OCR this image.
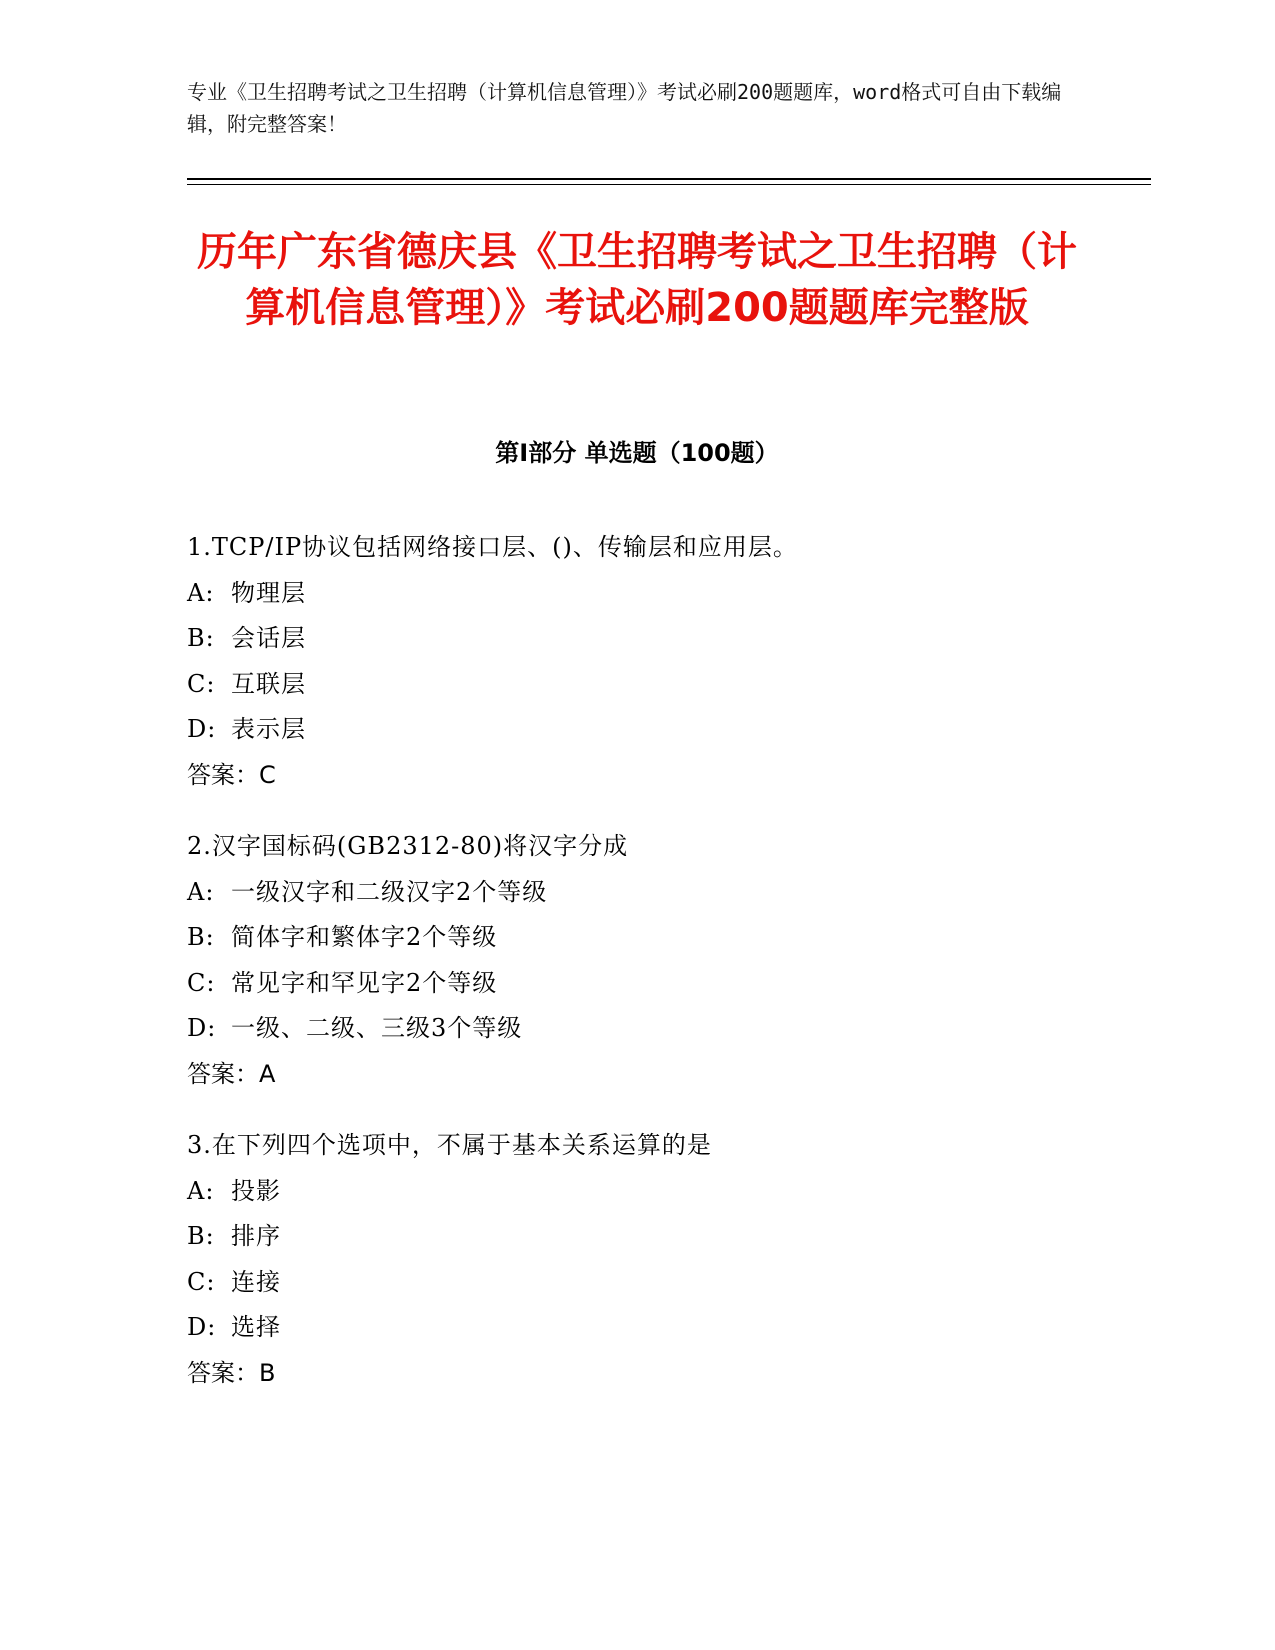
专业《卫生招聘考试之卫生招聘（计算机信息管理）》考试必刷200题题库，word格式可自由下载编辑，附完整答案！
历年广东省德庆县《卫生招聘考试之卫生招聘（计算机信息管理）》考试必刷200题题库完整版
第I部分 单选题（100题）
1.TCP/IP协议包括网络接口层、()、传输层和应用层。
A: 物理层
B: 会话层
C: 互联层
D: 表示层
答案：C
2.汉字国标码(GB2312-80)将汉字分成
A: 一级汉字和二级汉字2个等级
B: 简体字和繁体字2个等级
C: 常见字和罕见字2个等级
D: 一级、二级、三级3个等级
答案：A
3.在下列四个选项中，不属于基本关系运算的是
A: 投影
B: 排序
C: 连接
D: 选择
答案：B
